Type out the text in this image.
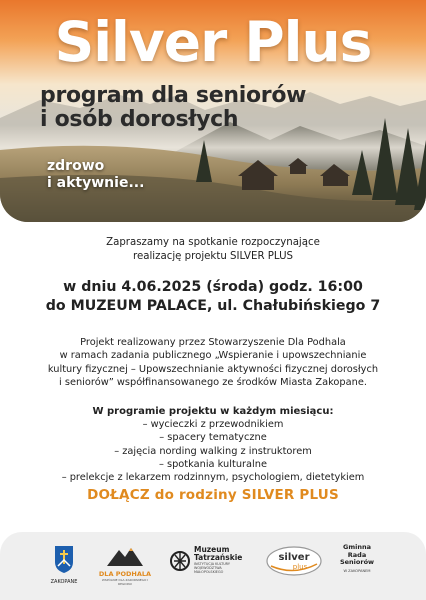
Silver Plus
program dla seniorów
i osób dorosłych
zdrowo
i aktywnie...
Zapraszamy na spotkanie rozpoczynające
realizację projektu SILVER PLUS
w dniu 4.06.2025 (środa) godz. 16:00
do MUZEUM PALACE, ul. Chałubińskiego 7
Projekt realizowany przez Stowarzyszenie Dla Podhala
w ramach zadania publicznego „Wspieranie i upowszechnianie
kultury fizycznej – Upowszechnianie aktywności fizycznej dorosłych
i seniorów” współfinansowanego ze środków Miasta Zakopane.
W programie projektu w każdym miesiącu:
– wycieczki z przewodnikiem
– spacery tematyczne
– zajęcia nording walking z instruktorem
– spotkania kulturalne
– prelekcje z lekarzem rodzinnym, psychologiem, dietetykiem
DOŁĄCZ do rodziny SILVER PLUS
ZAKOPANE
DLA PODHALA
WSPÓLNIE DLA ZAKOPANEGO I REGIONU
Muzeum
Tatrzańskie
INSTYTUCJA KULTURY WOJEWÓDZTWA MAŁOPOLSKIEGO
silver
plus
Gminna
Rada
Seniorów
W ZAKOPANEM
